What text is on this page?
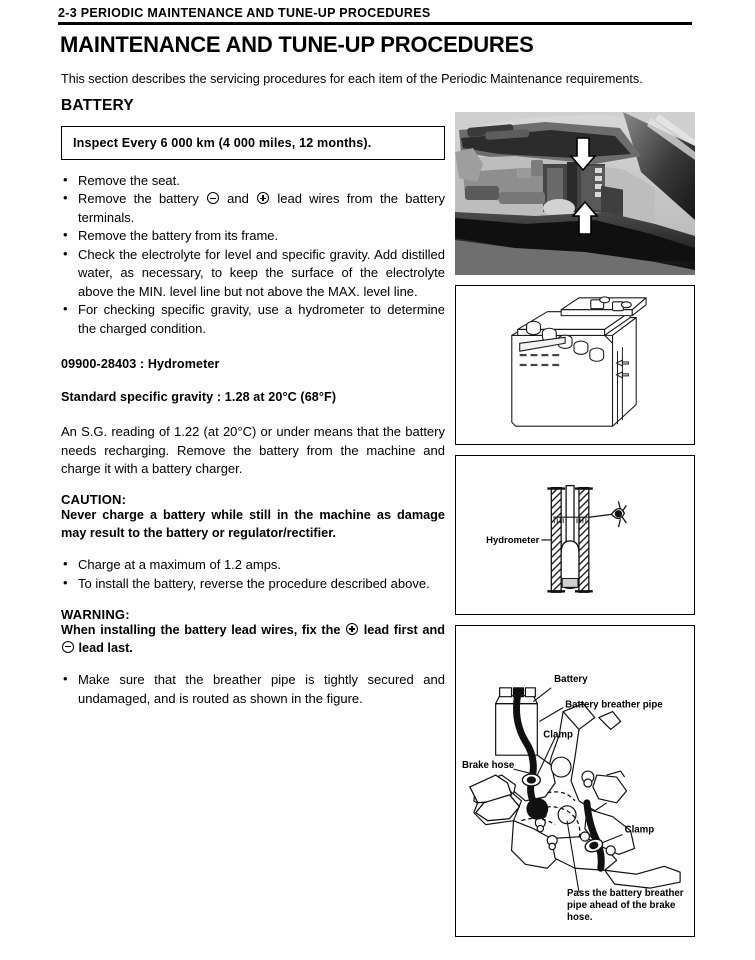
2-3 PERIODIC MAINTENANCE AND TUNE-UP PROCEDURES
MAINTENANCE AND TUNE-UP PROCEDURES
This section describes the servicing procedures for each item of the Periodic Maintenance requirements.
BATTERY
Inspect Every 6 000 km (4 000 miles, 12 months).
• Remove the seat.
• Remove the battery  and  lead wires from the battery terminals.
• Remove the battery from its frame.
• Check the electrolyte for level and specific gravity. Add distilled water, as necessary, to keep the surface of the electrolyte above the MIN. level line but not above the MAX. level line.
• For checking specific gravity, use a hydrometer to determine the charged condition.
09900-28403 : Hydrometer
Standard specific gravity : 1.28 at 20°C (68°F)
An S.G. reading of 1.22 (at 20°C) or under means that the battery needs recharging. Remove the battery from the machine and charge it with a battery charger.
CAUTION:
Never charge a battery while still in the machine as damage may result to the battery or regulator/rectifier.
• Charge at a maximum of 1.2 amps.
• To install the battery, reverse the procedure described above.
WARNING:
When installing the battery lead wires, fix the  lead first and  lead last.
• Make sure that the breather pipe is tightly secured and undamaged, and is routed as shown in the figure.
Hydrometer
Battery
Battery breather pipe
Clamp
Brake hose
Clamp
Pass the battery breather
pipe ahead of the brake
hose.
